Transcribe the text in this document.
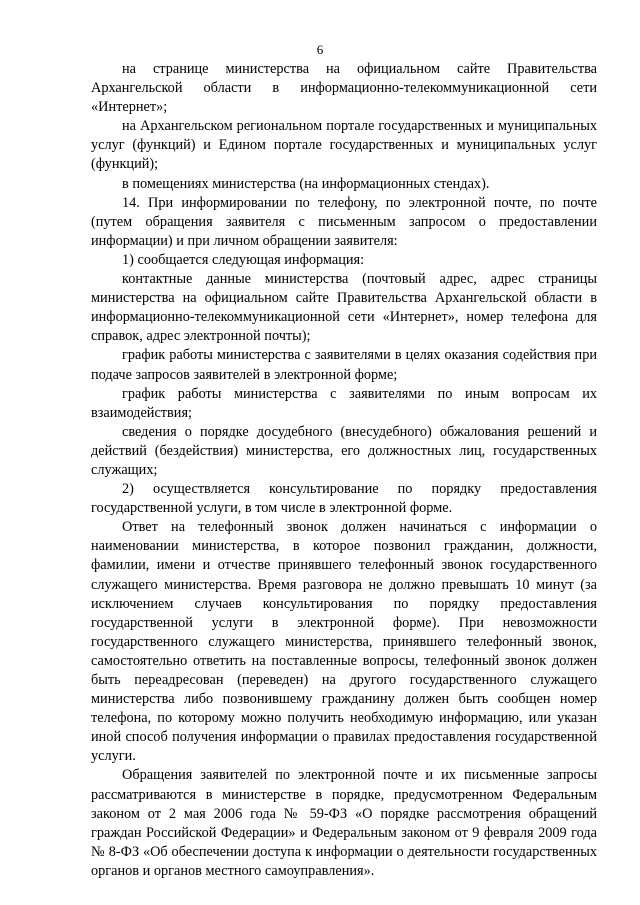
6

на странице министерства на официальном сайте Правительства Архангельской области в информационно-телекоммуникационной сети «Интернет»;

на Архангельском региональном портале государственных и муниципальных услуг (функций) и Едином портале государственных и муниципальных услуг (функций);

в помещениях министерства (на информационных стендах).

14. При информировании по телефону, по электронной почте, по почте (путем обращения заявителя с письменным запросом о предоставлении информации) и при личном обращении заявителя:

1) сообщается следующая информация:

контактные данные министерства (почтовый адрес, адрес страницы министерства на официальном сайте Правительства Архангельской области в информационно-телекоммуникационной сети «Интернет», номер телефона для справок, адрес электронной почты);

график работы министерства с заявителями в целях оказания содействия при подаче запросов заявителей в электронной форме;

график работы министерства с заявителями по иным вопросам их взаимодействия;

сведения о порядке досудебного (внесудебного) обжалования решений и действий (бездействия) министерства, его должностных лиц, государственных служащих;

2) осуществляется консультирование по порядку предоставления государственной услуги, в том числе в электронной форме.

Ответ на телефонный звонок должен начинаться с информации о наименовании министерства, в которое позвонил гражданин, должности, фамилии, имени и отчестве принявшего телефонный звонок государственного служащего министерства. Время разговора не должно превышать 10 минут (за исключением случаев консультирования по порядку предоставления государственной услуги в электронной форме). При невозможности государственного служащего министерства, принявшего телефонный звонок, самостоятельно ответить на поставленные вопросы, телефонный звонок должен быть переадресован (переведен) на другого государственного служащего министерства либо позвонившему гражданину должен быть сообщен номер телефона, по которому можно получить необходимую информацию, или указан иной способ получения информации о правилах предоставления государственной услуги.

Обращения заявителей по электронной почте и их письменные запросы рассматриваются в министерстве в порядке, предусмотренном Федеральным законом от 2 мая 2006 года № 59-ФЗ «О порядке рассмотрения обращений граждан Российской Федерации» и Федеральным законом от 9 февраля 2009 года № 8-ФЗ «Об обеспечении доступа к информации о деятельности государственных органов и органов местного самоуправления».
